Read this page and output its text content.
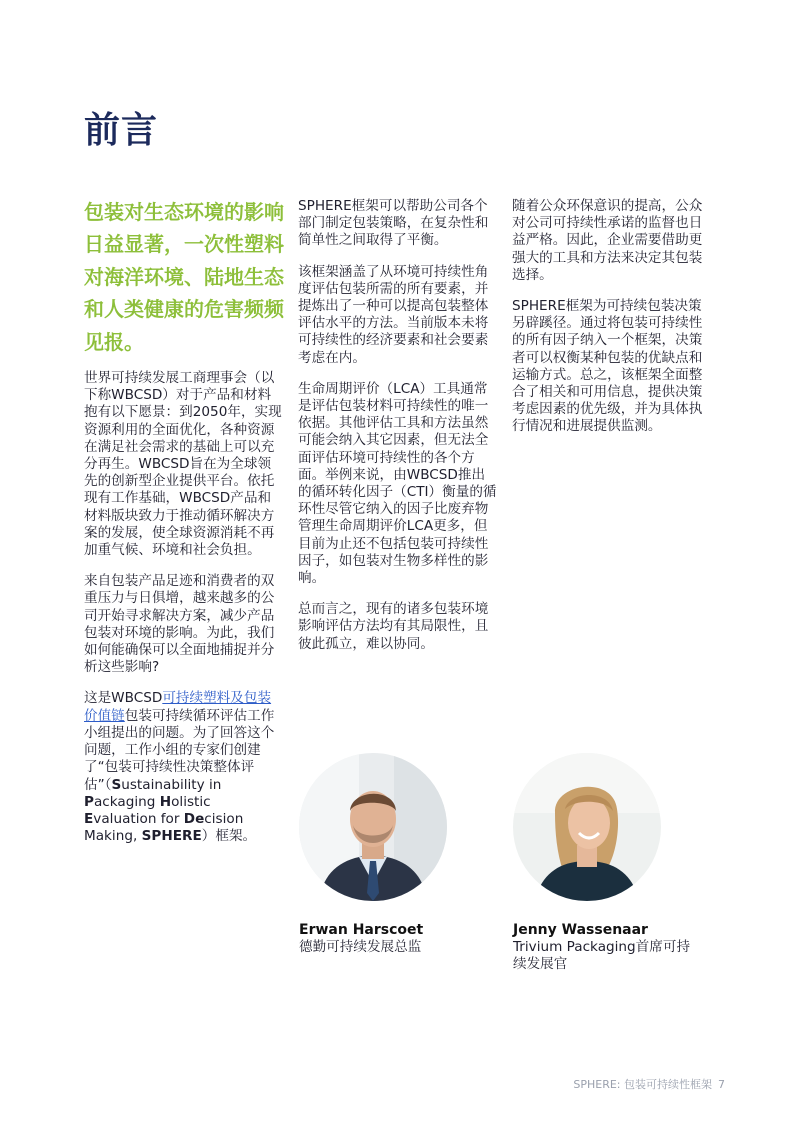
前言

包装对生态环境的影响日益显著，一次性塑料对海洋环境、陆地生态和人类健康的危害频频见报。

世界可持续发展工商理事会（以下称WBCSD）对于产品和材料抱有以下愿景：到2050年，实现资源利用的全面优化，各种资源在满足社会需求的基础上可以充分再生。WBCSD旨在为全球领先的创新型企业提供平台。依托现有工作基础，WBCSD产品和材料版块致力于推动循环解决方案的发展，使全球资源消耗不再加重气候、环境和社会负担。

来自包装产品足迹和消费者的双重压力与日俱增，越来越多的公司开始寻求解决方案，减少产品包装对环境的影响。为此，我们如何能确保可以全面地捕捉并分析这些影响?

这是WBCSD可持续塑料及包装价值链包装可持续循环评估工作小组提出的问题。为了回答这个问题，工作小组的专家们创建了“包装可持续性决策整体评估”（Sustainability in Packaging Holistic Evaluation for Decision Making, SPHERE）框架。

SPHERE框架可以帮助公司各个部门制定包装策略，在复杂性和简单性之间取得了平衡。

该框架涵盖了从环境可持续性角度评估包装所需的所有要素，并提炼出了一种可以提高包装整体评估水平的方法。当前版本未将可持续性的经济要素和社会要素考虑在内。

生命周期评价（LCA）工具通常是评估包装材料可持续性的唯一依据。其他评估工具和方法虽然可能会纳入其它因素，但无法全面评估环境可持续性的各个方面。举例来说，由WBCSD推出的循环转化因子（CTI）衡量的循环性尽管它纳入的因子比废弃物管理生命周期评价LCA更多，但目前为止还不包括包装可持续性因子，如包装对生物多样性的影响。

总而言之，现有的诸多包装环境影响评估方法均有其局限性，且彼此孤立，难以协同。

随着公众环保意识的提高，公众对公司可持续性承诺的监督也日益严格。因此，企业需要借助更强大的工具和方法来决定其包装选择。

SPHERE框架为可持续包装决策另辟蹊径。通过将包装可持续性的所有因子纳入一个框架，决策者可以权衡某种包装的优缺点和运输方式。总之，该框架全面整合了相关和可用信息，提供决策考虑因素的优先级，并为具体执行情况和进展提供监测。

Erwan Harscoet

德勤可持续发展总监

Jenny Wassenaar

Trivium Packaging首席可持续发展官

SPHERE: 包装可持续性框架 7
